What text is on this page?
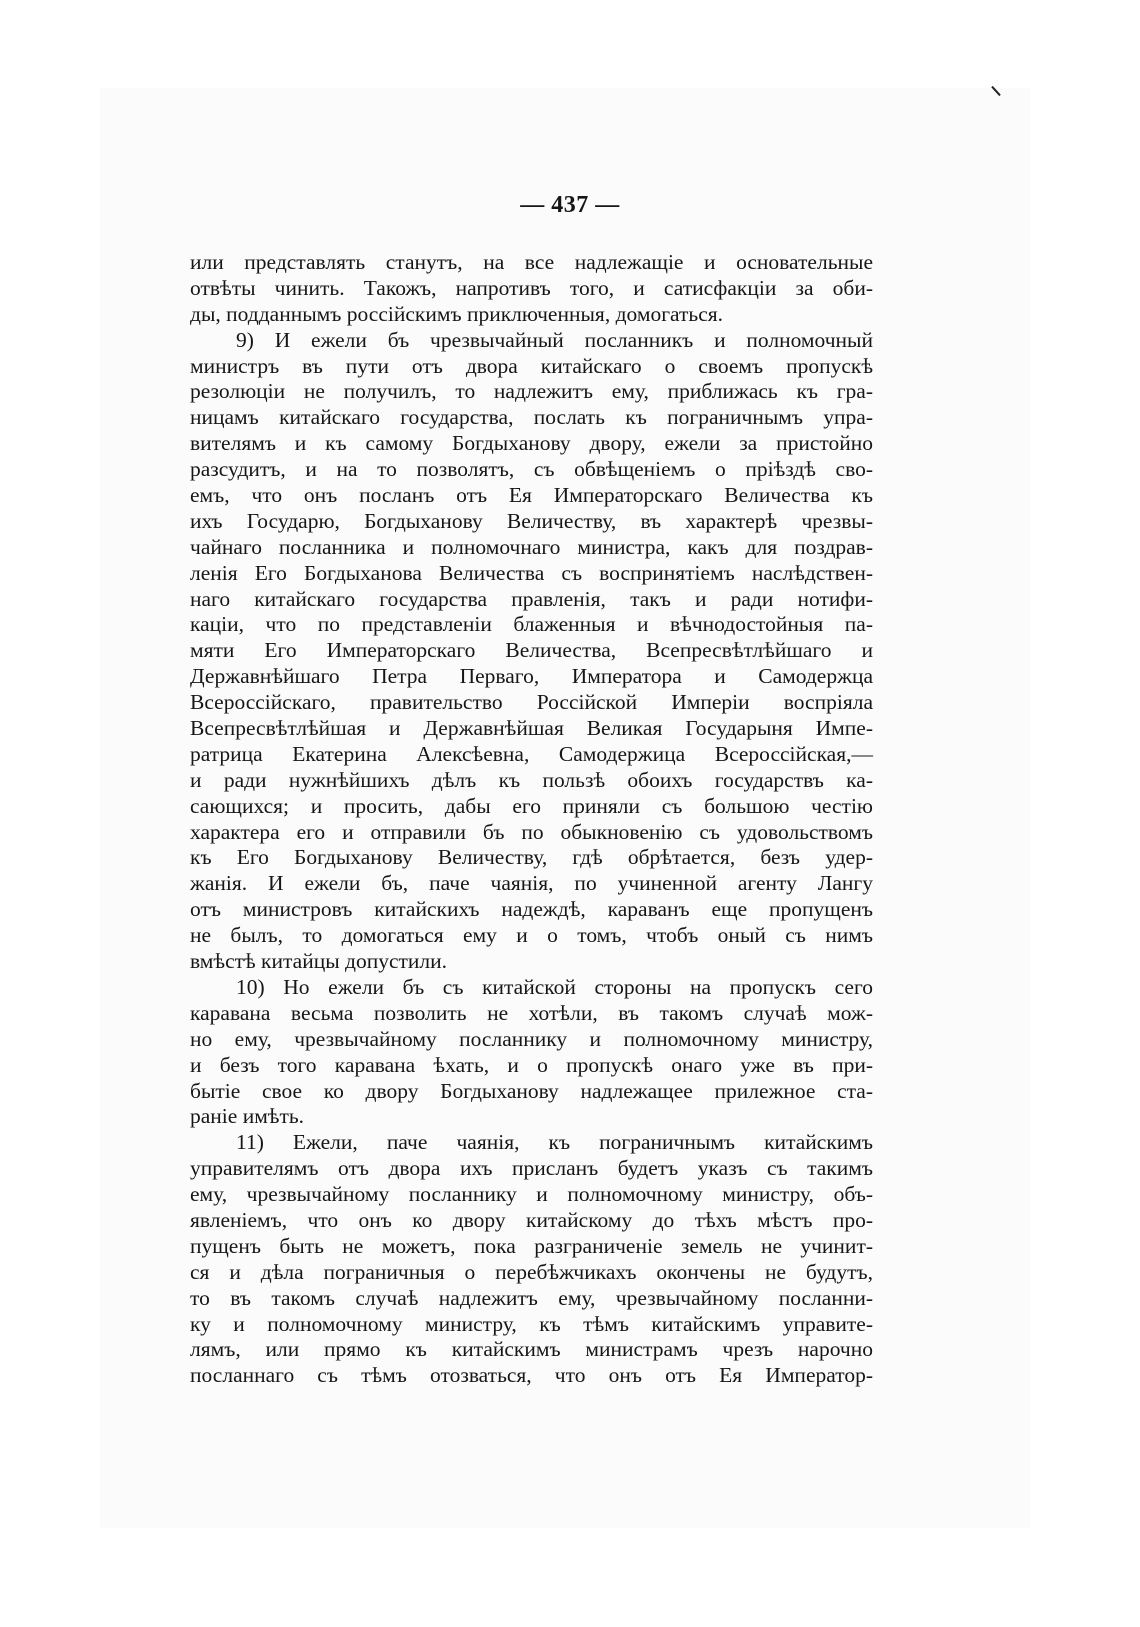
— 437 —
или представлять станутъ, на все надлежащіе и основательные
отвѣты чинить. Такожъ, напротивъ того, и сатисфакціи за оби-
ды, подданнымъ россійскимъ приключенныя, домогаться.
9) И ежели бъ чрезвычайный посланникъ и полномочный
министръ въ пути отъ двора китайскаго о своемъ пропускѣ
резолюціи не получилъ, то надлежитъ ему, приближась къ гра-
ницамъ китайскаго государства, послать къ пограничнымъ упра-
вителямъ и къ самому Богдыханову двору, ежели за пристойно
разсудитъ, и на то позволятъ, съ обвѣщеніемъ о пріѣздѣ сво-
емъ, что онъ посланъ отъ Ея Императорскаго Величества къ
ихъ Государю, Богдыханову Величеству, въ характерѣ чрезвы-
чайнаго посланника и полномочнаго министра, какъ для поздрав-
ленія Его Богдыханова Величества съ воспринятіемъ наслѣдствен-
наго китайскаго государства правленія, такъ и ради нотифи-
каціи, что по представленіи блаженныя и вѣчнодостойныя па-
мяти Его Императорскаго Величества, Всепресвѣтлѣйшаго и
Державнѣйшаго Петра Перваго, Императора и Самодержца
Всероссійскаго, правительство Россійской Имперіи воспріяла
Всепресвѣтлѣйшая и Державнѣйшая Великая Государыня Импе-
ратрица Екатерина Алексѣевна, Самодержица Всероссійская,—
и ради нужнѣйшихъ дѣлъ къ пользѣ обоихъ государствъ ка-
сающихся; и просить, дабы его приняли съ большою честію
характера его и отправили бъ по обыкновенію съ удовольствомъ
къ Его Богдыханову Величеству, гдѣ обрѣтается, безъ удер-
жанія. И ежели бъ, паче чаянія, по учиненной агенту Лангу
отъ министровъ китайскихъ надеждѣ, караванъ еще пропущенъ
не былъ, то домогаться ему и о томъ, чтобъ оный съ нимъ
вмѣстѣ китайцы допустили.
10) Но ежели бъ съ китайской стороны на пропускъ сего
каравана весьма позволить не хотѣли, въ такомъ случаѣ мож-
но ему, чрезвычайному посланнику и полномочному министру,
и безъ того каравана ѣхать, и о пропускѣ онаго уже въ при-
бытіе свое ко двору Богдыханову надлежащее прилежное ста-
раніе имѣть.
11) Ежели, паче чаянія, къ пограничнымъ китайскимъ
управителямъ отъ двора ихъ присланъ будетъ указъ съ такимъ
ему, чрезвычайному посланнику и полномочному министру, объ-
явленіемъ, что онъ ко двору китайскому до тѣхъ мѣстъ про-
пущенъ быть не можетъ, пока разграниченіе земель не учинит-
ся и дѣла пограничныя о перебѣжчикахъ окончены не будутъ,
то въ такомъ случаѣ надлежитъ ему, чрезвычайному посланни-
ку и полномочному министру, къ тѣмъ китайскимъ управите-
лямъ, или прямо къ китайскимъ министрамъ чрезъ нарочно
посланнаго съ тѣмъ отозваться, что онъ отъ Ея Император-
